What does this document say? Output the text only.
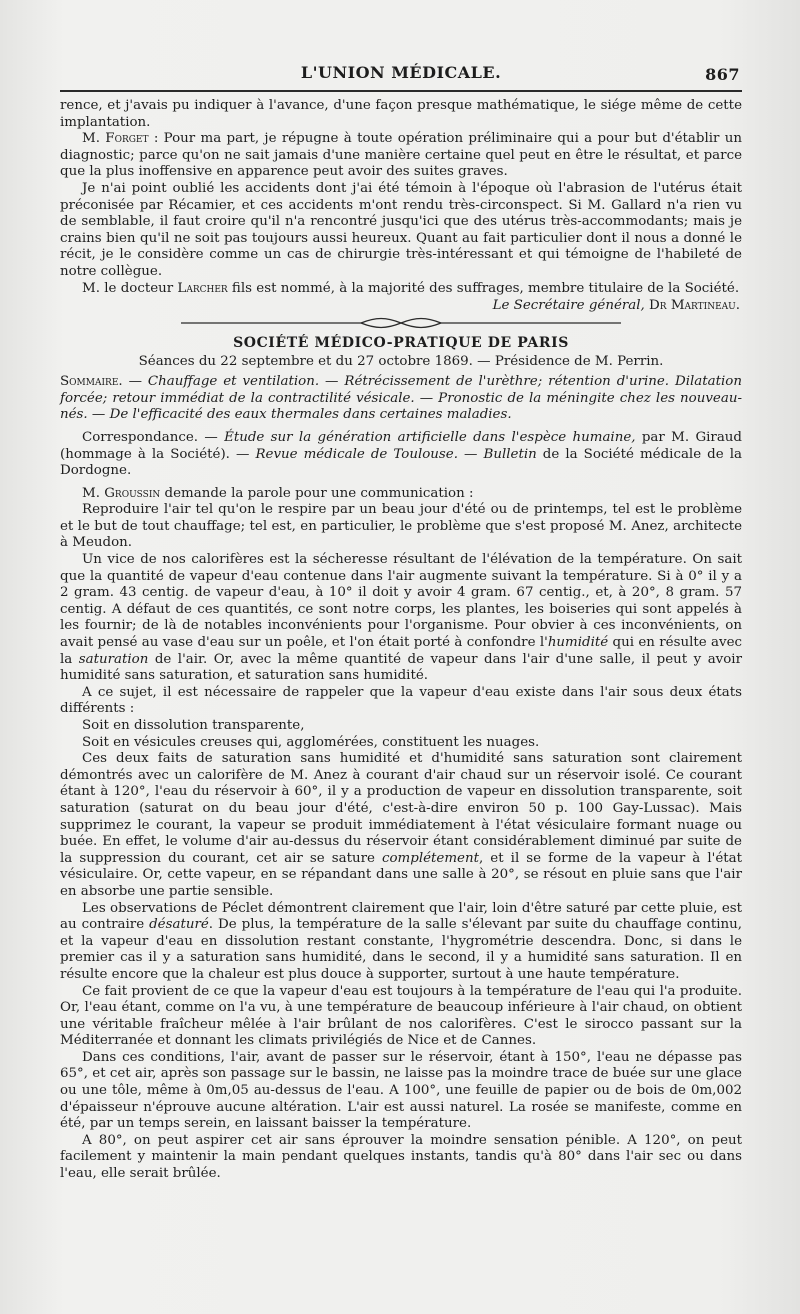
L'UNION MÉDICALE.	867

rence, et j'avais pu indiquer à l'avance, d'une façon presque mathématique, le siége même de cette implantation.

M. Forget : Pour ma part, je répugne à toute opération préliminaire qui a pour but d'établir un diagnostic; parce qu'on ne sait jamais d'une manière certaine quel peut en être le résultat, et parce que la plus inoffensive en apparence peut avoir des suites graves.

Je n'ai point oublié les accidents dont j'ai été témoin à l'époque où l'abrasion de l'utérus était préconisée par Récamier, et ces accidents m'ont rendu très-circonspect. Si M. Gallard n'a rien vu de semblable, il faut croire qu'il n'a rencontré jusqu'ici que des utérus très-accommodants; mais je crains bien qu'il ne soit pas toujours aussi heureux. Quant au fait particulier dont il nous a donné le récit, je le considère comme un cas de chirurgie très-intéressant et qui témoigne de l'habileté de notre collègue.

M. le docteur Larcher fils est nommé, à la majorité des suffrages, membre titulaire de la Société.

Le Secrétaire général, Dr Martineau.
SOCIÉTÉ MÉDICO-PRATIQUE DE PARIS
Séances du 22 septembre et du 27 octobre 1869. — Présidence de M. Perrin.

Sommaire. — Chauffage et ventilation. — Rétrécissement de l'urèthre; rétention d'urine. Dilatation forcée; retour immédiat de la contractilité vésicale. — Pronostic de la méningite chez les nouveau-nés. — De l'efficacité des eaux thermales dans certaines maladies.

Correspondance. — Étude sur la génération artificielle dans l'espèce humaine, par M. Giraud (hommage à la Société). — Revue médicale de Toulouse. — Bulletin de la Société médicale de la Dordogne.

M. Groussin demande la parole pour une communication :

Reproduire l'air tel qu'on le respire par un beau jour d'été ou de printemps, tel est le problème et le but de tout chauffage; tel est, en particulier, le problème que s'est proposé M. Anez, architecte à Meudon.

Un vice de nos calorifères est la sécheresse résultant de l'élévation de la température. On sait que la quantité de vapeur d'eau contenue dans l'air augmente suivant la température. Si à 0° il y a 2 gram. 43 centig. de vapeur d'eau, à 10° il doit y avoir 4 gram. 67 centig., et, à 20°, 8 gram. 57 centig. A défaut de ces quantités, ce sont notre corps, les plantes, les boiseries qui sont appelés à les fournir; de là de notables inconvénients pour l'organisme. Pour obvier à ces inconvénients, on avait pensé au vase d'eau sur un poêle, et l'on était porté à confondre l'humidité qui en résulte avec la saturation de l'air. Or, avec la même quantité de vapeur dans l'air d'une salle, il peut y avoir humidité sans saturation, et saturation sans humidité.

A ce sujet, il est nécessaire de rappeler que la vapeur d'eau existe dans l'air sous deux états différents :

Soit en dissolution transparente,

Soit en vésicules creuses qui, agglomérées, constituent les nuages.

Ces deux faits de saturation sans humidité et d'humidité sans saturation sont clairement démontrés avec un calorifère de M. Anez à courant d'air chaud sur un réservoir isolé. Ce courant étant à 120°, l'eau du réservoir à 60°, il y a production de vapeur en dissolution transparente, soit saturation (saturat on du beau jour d'été, c'est-à-dire environ 50 p. 100 Gay-Lussac). Mais supprimez le courant, la vapeur se produit immédiatement à l'état vésiculaire formant nuage ou buée. En effet, le volume d'air au-dessus du réservoir étant considérablement diminué par suite de la suppression du courant, cet air se sature complétement, et il se forme de la vapeur à l'état vésiculaire. Or, cette vapeur, en se répandant dans une salle à 20°, se résout en pluie sans que l'air en absorbe une partie sensible.

Les observations de Péclet démontrent clairement que l'air, loin d'être saturé par cette pluie, est au contraire désaturé. De plus, la température de la salle s'élevant par suite du chauffage continu, et la vapeur d'eau en dissolution restant constante, l'hygrométrie descendra. Donc, si dans le premier cas il y a saturation sans humidité, dans le second, il y a humidité sans saturation. Il en résulte encore que la chaleur est plus douce à supporter, surtout à une haute température.

Ce fait provient de ce que la vapeur d'eau est toujours à la température de l'eau qui l'a produite. Or, l'eau étant, comme on l'a vu, à une température de beaucoup inférieure à l'air chaud, on obtient une véritable fraîcheur mêlée à l'air brûlant de nos calorifères. C'est le sirocco passant sur la Méditerranée et donnant les climats privilégiés de Nice et de Cannes.

Dans ces conditions, l'air, avant de passer sur le réservoir, étant à 150°, l'eau ne dépasse pas 65°, et cet air, après son passage sur le bassin, ne laisse pas la moindre trace de buée sur une glace ou une tôle, même à 0m,05 au-dessus de l'eau. A 100°, une feuille de papier ou de bois de 0m,002 d'épaisseur n'éprouve aucune altération. L'air est aussi naturel. La rosée se manifeste, comme en été, par un temps serein, en laissant baisser la température.

A 80°, on peut aspirer cet air sans éprouver la moindre sensation pénible. A 120°, on peut facilement y maintenir la main pendant quelques instants, tandis qu'à 80° dans l'air sec ou dans l'eau, elle serait brûlée.
